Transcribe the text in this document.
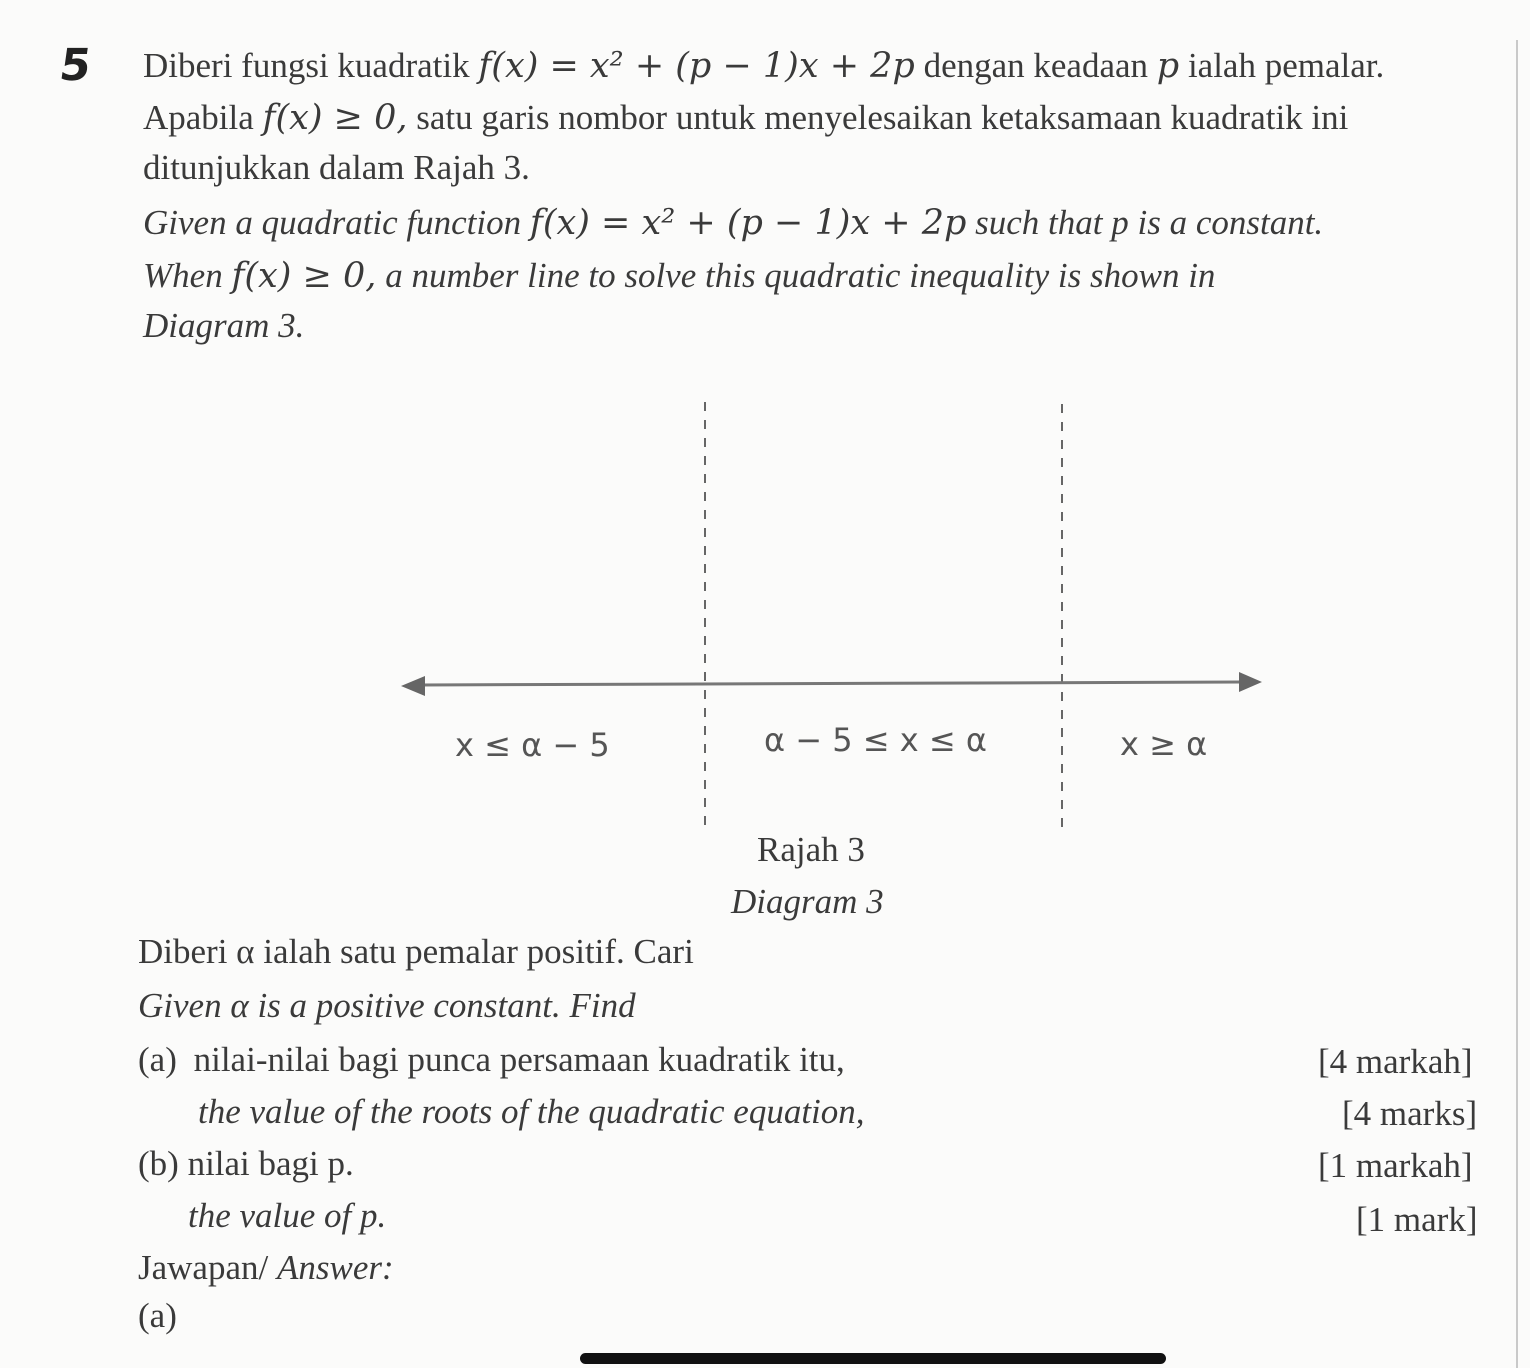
5 Diberi fungsi kuadratik f(x) = x² + (p − 1)x + 2p dengan keadaan p ialah pemalar.
Apabila f(x) ≥ 0, satu garis nombor untuk menyelesaikan ketaksamaan kuadratik ini
ditunjukkan dalam Rajah 3.
Given a quadratic function f(x) = x² + (p − 1)x + 2p such that p is a constant.
When f(x) ≥ 0, a number line to solve this quadratic inequality is shown in
Diagram 3.
x ≤ α − 5	α − 5 ≤ x ≤ α	x ≥ α
Rajah 3
Diagram 3
Diberi α ialah satu pemalar positif. Cari
Given α is a positive constant. Find
(a) nilai-nilai bagi punca persamaan kuadratik itu,	[4 markah]
the value of the roots of the quadratic equation,	[4 marks]
(b) nilai bagi p.	[1 markah]
the value of p.	[1 mark]
Jawapan/ Answer:
(a)
